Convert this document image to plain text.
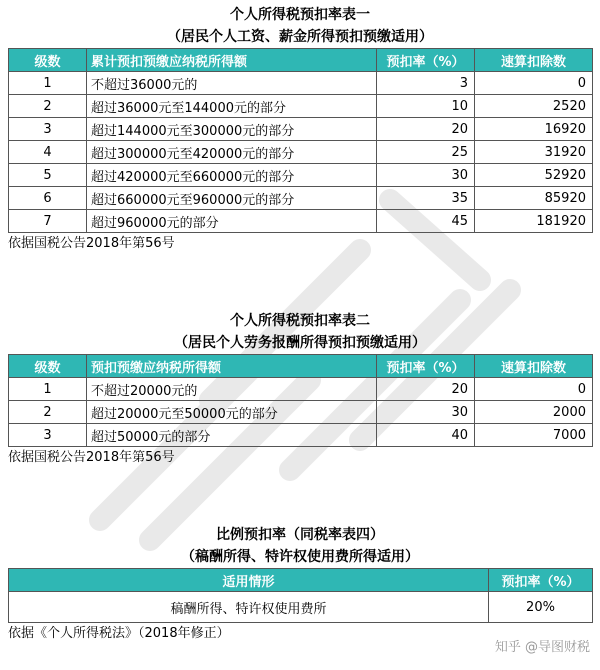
个人所得税预扣率表一
（居民个人工资、薪金所得预扣预缴适用）
级数	累计预扣预缴应纳税所得额	预扣率（%）	速算扣除数
1	不超过36000元的	3	0
2	超过36000元至144000元的部分	10	2520
3	超过144000元至300000元的部分	20	16920
4	超过300000元至420000元的部分	25	31920
5	超过420000元至660000元的部分	30	52920
6	超过660000元至960000元的部分	35	85920
7	超过960000元的部分	45	181920
依据国税公告2018年第56号
个人所得税预扣率表二
（居民个人劳务报酬所得预扣预缴适用）
级数	预扣预缴应纳税所得额	预扣率（%）	速算扣除数
1	不超过20000元的	20	0
2	超过20000元至50000元的部分	30	2000
3	超过50000元的部分	40	7000
依据国税公告2018年第56号
比例预扣率（同税率表四）
（稿酬所得、特许权使用费所得适用）
适用情形	预扣率（%）
稿酬所得、特许权使用费所	20%
依据《个人所得税法》（2018年修正）
知乎 @导图财税
